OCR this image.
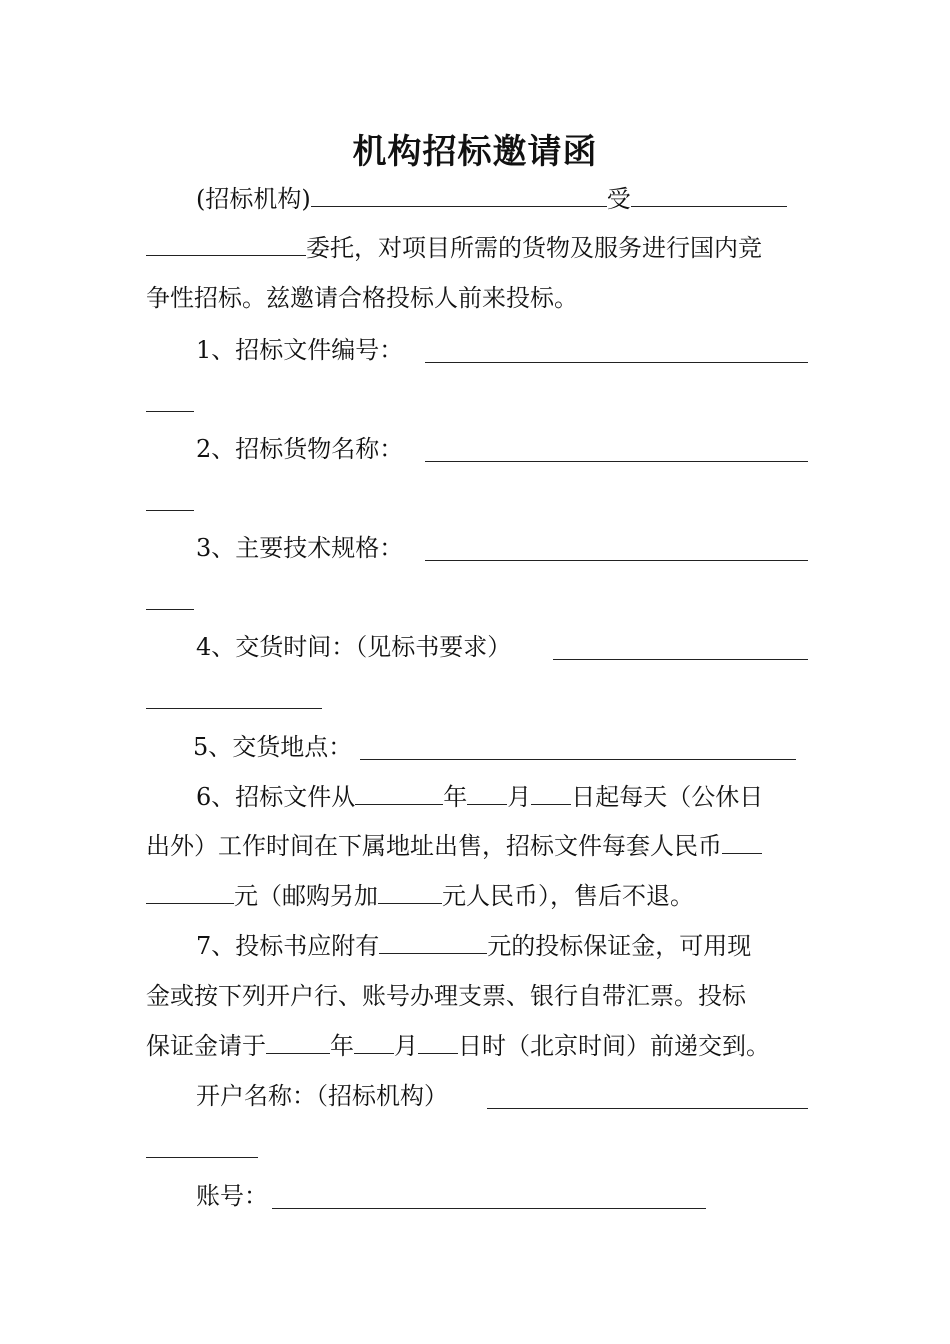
机构招标邀请函
(招标机构)	受
委托，对项目所需的货物及服务进行国内竞
争性招标。兹邀请合格投标人前来投标。
1、招标文件编号：
2、招标货物名称：
3、主要技术规格：
4、交货时间：（见标书要求）
5、交货地点：
6、招标文件从	年 月 日起每天（公休日
出外）工作时间在下属地址出售，招标文件每套人民币
元（邮购另加	元人民币），售后不退。
7、投标书应附有	元的投标保证金，可用现
金或按下列开户行、账号办理支票、银行自带汇票。投标
保证金请于	年 月 日时（北京时间）前递交到。
开户名称：（招标机构）
账号：
